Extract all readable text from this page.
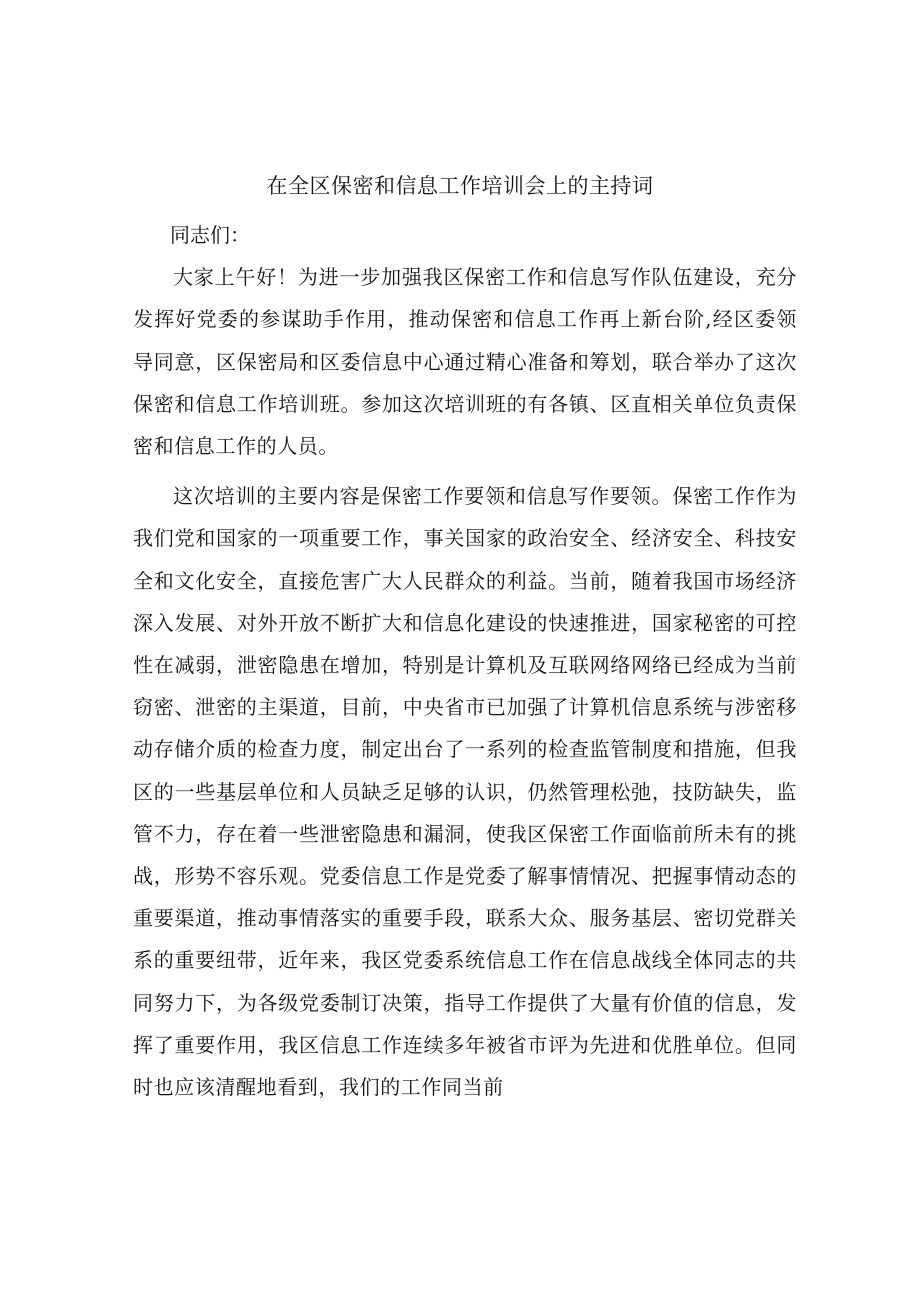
在全区保密和信息工作培训会上的主持词

同志们：

大家上午好！为进一步加强我区保密工作和信息写作队伍建设，充分发挥好党委的参谋助手作用，推动保密和信息工作再上新台阶,经区委领导同意，区保密局和区委信息中心通过精心准备和筹划，联合举办了这次保密和信息工作培训班。参加这次培训班的有各镇、区直相关单位负责保密和信息工作的人员。

这次培训的主要内容是保密工作要领和信息写作要领。保密工作作为我们党和国家的一项重要工作，事关国家的政治安全、经济安全、科技安全和文化安全，直接危害广大人民群众的利益。当前，随着我国市场经济深入发展、对外开放不断扩大和信息化建设的快速推进，国家秘密的可控性在减弱，泄密隐患在增加，特别是计算机及互联网络网络已经成为当前窃密、泄密的主渠道，目前，中央省市已加强了计算机信息系统与涉密移动存储介质的检查力度，制定出台了一系列的检查监管制度和措施，但我区的一些基层单位和人员缺乏足够的认识，仍然管理松弛，技防缺失，监管不力，存在着一些泄密隐患和漏洞，使我区保密工作面临前所未有的挑战，形势不容乐观。党委信息工作是党委了解事情情况、把握事情动态的重要渠道，推动事情落实的重要手段，联系大众、服务基层、密切党群关系的重要纽带，近年来，我区党委系统信息工作在信息战线全体同志的共同努力下，为各级党委制订决策，指导工作提供了大量有价值的信息，发挥了重要作用，我区信息工作连续多年被省市评为先进和优胜单位。但同时也应该清醒地看到，我们的工作同当前
